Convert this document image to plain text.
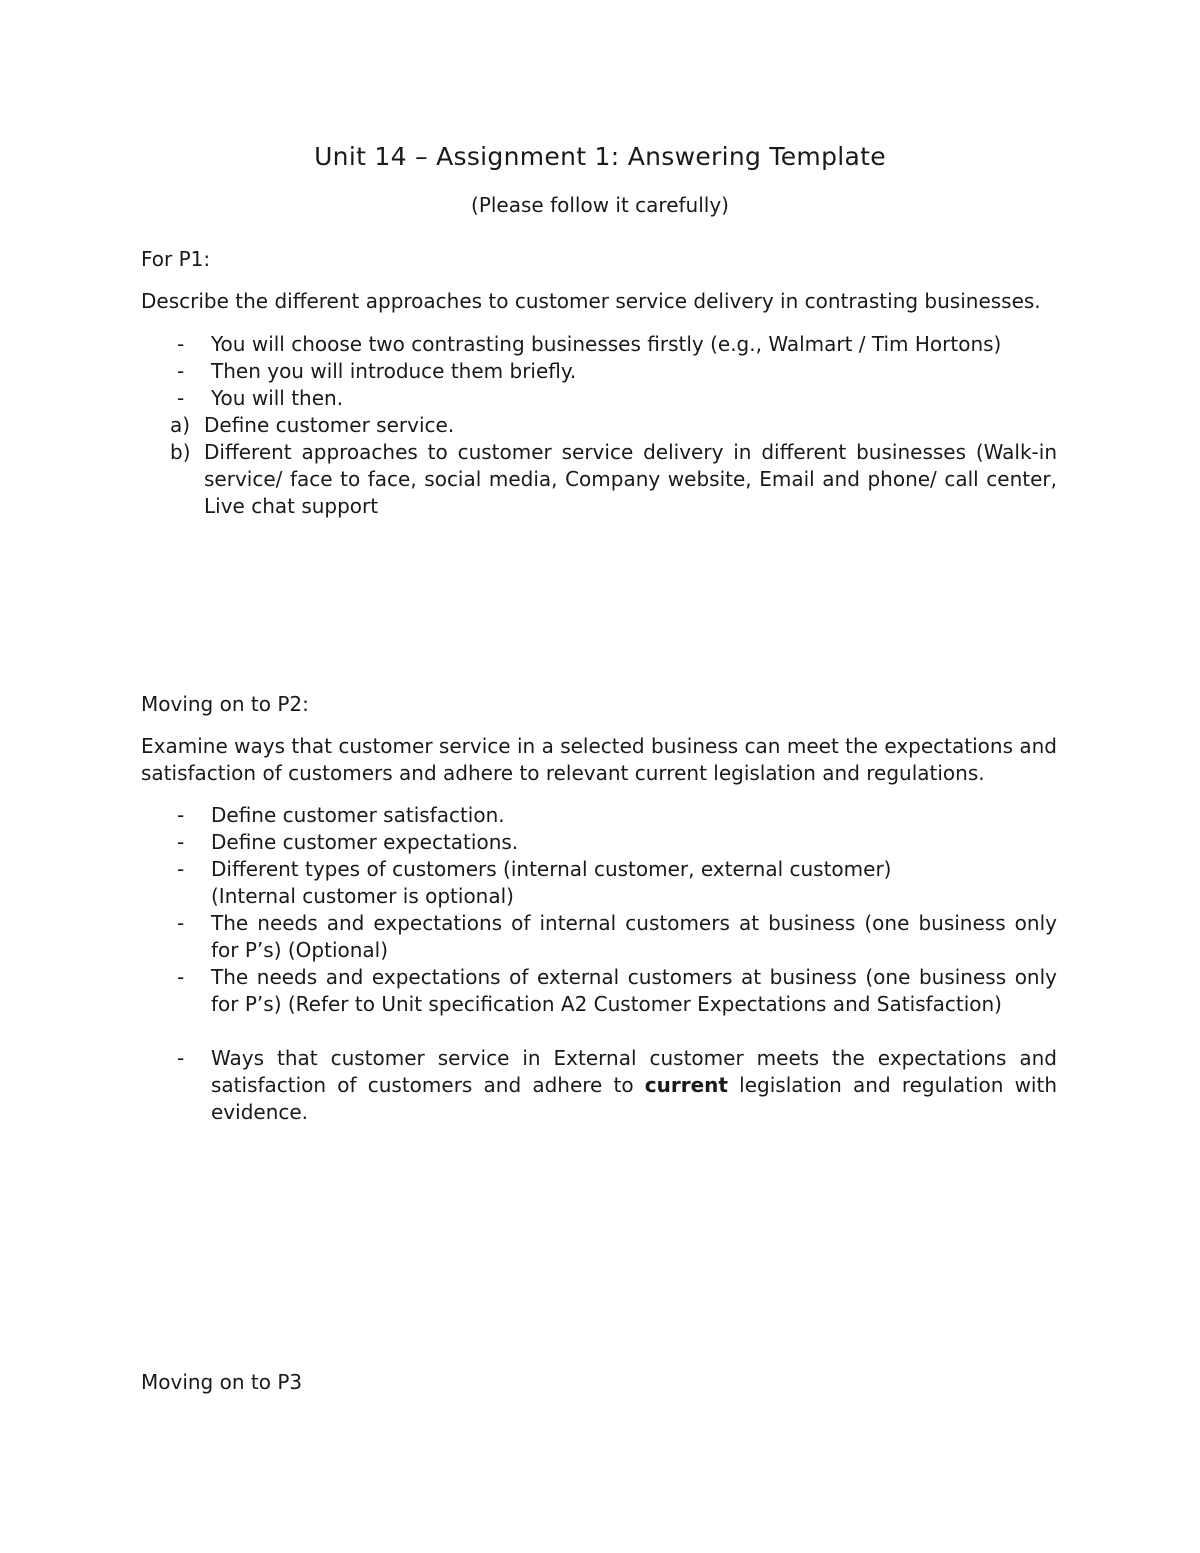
Unit 14 – Assignment 1: Answering Template
(Please follow it carefully)

For P1:

Describe the different approaches to customer service delivery in contrasting businesses.

- You will choose two contrasting businesses firstly (e.g., Walmart / Tim Hortons)
- Then you will introduce them briefly.
- You will then.
a) Define customer service.
b) Different approaches to customer service delivery in different businesses (Walk-in service/ face to face, social media, Company website, Email and phone/ call center, Live chat support

Moving on to P2:

Examine ways that customer service in a selected business can meet the expectations and satisfaction of customers and adhere to relevant current legislation and regulations.

- Define customer satisfaction.
- Define customer expectations.
- Different types of customers (internal customer, external customer)
(Internal customer is optional)
- The needs and expectations of internal customers at business (one business only for P’s) (Optional)
- The needs and expectations of external customers at business (one business only for P’s) (Refer to Unit specification A2 Customer Expectations and Satisfaction)
- Ways that customer service in External customer meets the expectations and satisfaction of customers and adhere to current legislation and regulation with evidence.

Moving on to P3
